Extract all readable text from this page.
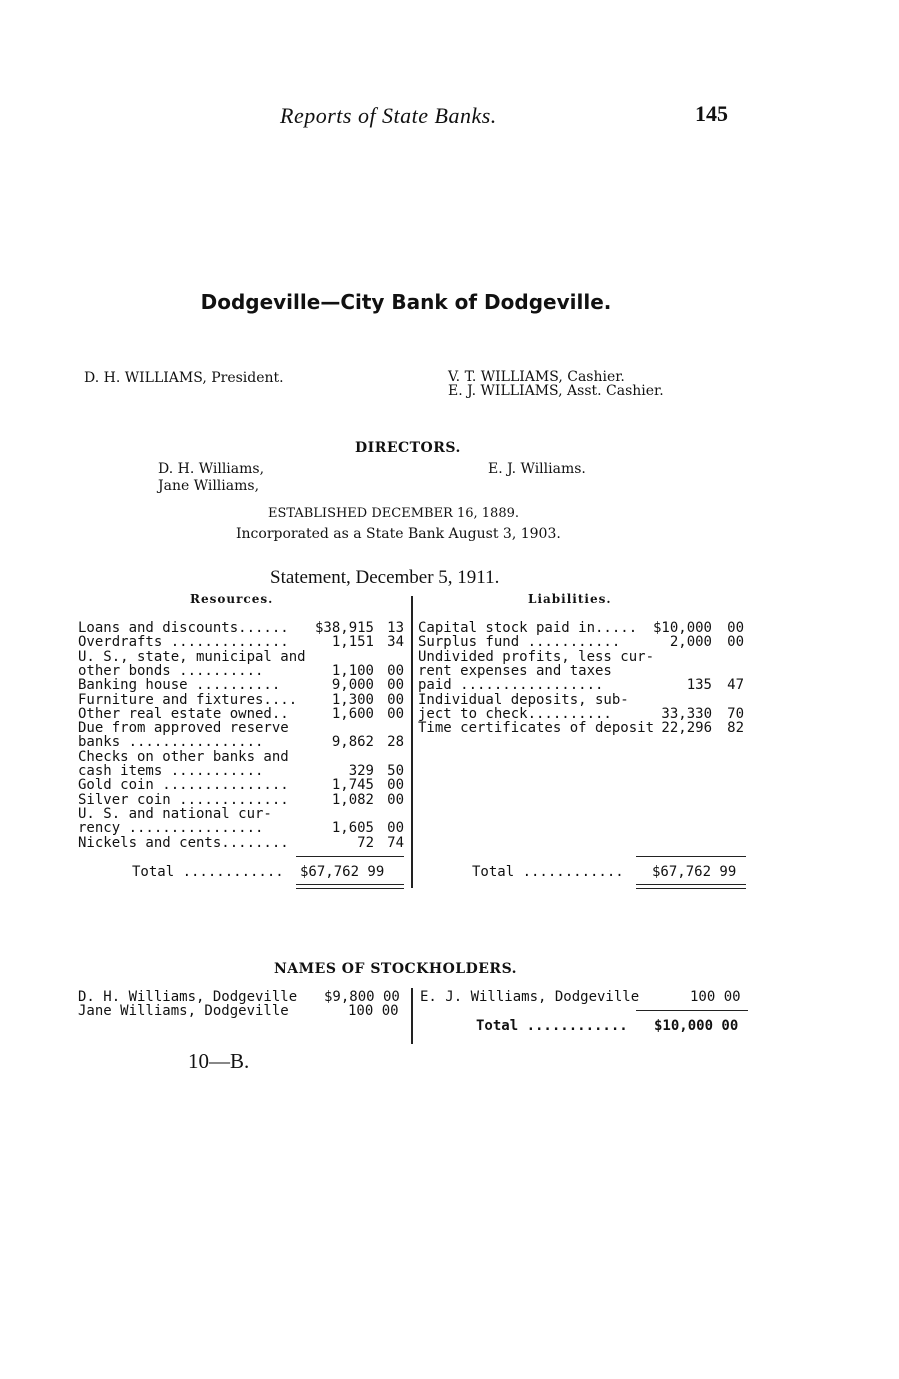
Reports of State Banks.	145
Dodgeville—City Bank of Dodgeville.
D. H. WILLIAMS, President.	V. T. WILLIAMS, Cashier.
E. J. WILLIAMS, Asst. Cashier.
DIRECTORS.
D. H. Williams,
Jane Williams,
E. J. Williams.
ESTABLISHED DECEMBER 16, 1889.
Incorporated as a State Bank August 3, 1903.
Statement, December 5, 1911.
Resources.	Liabilities.
Loans and discounts......	$38,915 13
Overdrafts ..............	1,151 34
U. S., state, municipal and
other bonds ..........	1,100 00
Banking house ..........	9,000 00
Furniture and fixtures....	1,300 00
Other real estate owned..	1,600 00
Due from approved reserve
banks ................	9,862 28
Checks on other banks and
cash items ...........	329 50
Gold coin ...............	1,745 00
Silver coin .............	1,082 00
U. S. and national cur-
rency ................	1,605 00
Nickels and cents........	72 74
Capital stock paid in.....	$10,000	00
Surplus fund ...........	2,000	00
Undivided profits, less cur-
rent expenses and taxes
paid .................	135	47
Individual deposits, sub-
ject to check..........	33,330	70
Time certificates of deposit 22,296	82
Total ............ $67,762 99	Total ............ $67,762 99
NAMES OF STOCKHOLDERS.
D. H. Williams, Dodgeville $9,800 00
Jane Williams, Dodgeville	100 00
E. J. Williams, Dodgeville	100 00
Total ............ $10,000 00
10—B.
